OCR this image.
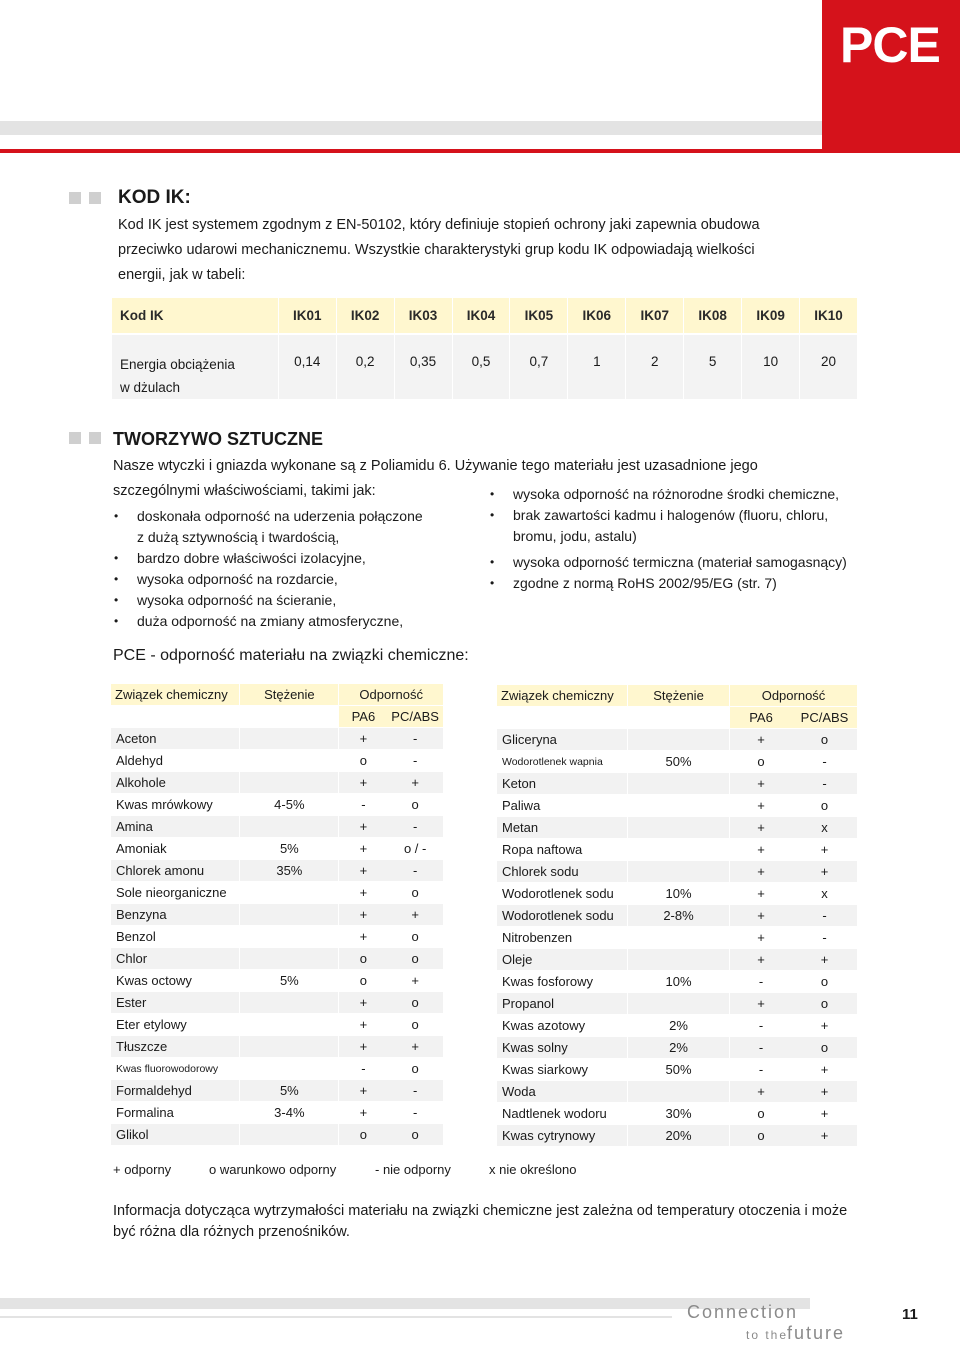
PCE
KOD IK:
Kod IK jest systemem zgodnym z EN-50102, który definiuje stopień ochrony jaki zapewnia obudowa
przeciwko udarowi mechanicznemu. Wszystkie charakterystyki grup kodu IK odpowiadają wielkości
energii, jak w tabeli:
Kod IK	IK01	IK02	IK03	IK04	IK05	IK06	IK07	IK08	IK09	IK10

Energia obciążenia
w dżulach	0,14	0,2	0,35	0,5	0,7	1	2	5	10	20
TWORZYWO SZTUCZNE
Nasze wtyczki i gniazda wykonane są z Poliamidu 6. Używanie tego materiału jest uzasadnione jego
szczególnymi właściwościami, takimi jak:
• doskonała odporność na uderzenia połączone
z dużą sztywnością i twardością,
• bardzo dobre właściwości izolacyjne,
• wysoka odporność na rozdarcie,
• wysoka odporność na ścieranie,
• duża odporność na zmiany atmosferyczne,
• wysoka odporność na różnorodne środki chemiczne,
• brak zawartości kadmu i halogenów (fluoru, chloru,
bromu, jodu, astalu)
• wysoka odporność termiczna (materiał samogasnący)
• zgodne z normą RoHS 2002/95/EG (str. 7)
PCE - odporność materiału na związki chemiczne:
Związek chemiczny	Stężenie	Odporność	
		PA6	PC/ABS
Aceton		+	-
Aldehyd		o	-
Alkohole		+	+
Kwas mrówkowy	4-5%	-	o
Amina		+	-
Amoniak	5%	+	o / -
Chlorek amonu	35%	+	-
Sole nieorganiczne		+	o
Benzyna		+	+
Benzol		+	o
Chlor		o	o
Kwas octowy	5%	o	+
Ester		+	o
Eter etylowy		+	o
Tłuszcze		+	+
Kwas fluorowodorowy		-	o
Formaldehyd	5%	+	-
Formalina	3-4%	+	-
Glikol		o	o
Związek chemiczny	Stężenie	Odporność	
		PA6	PC/ABS
Gliceryna		+	o
Wodorotlenek wapnia	50%	o	-
Keton		+	-
Paliwa		+	o
Metan		+	x
Ropa naftowa		+	+
Chlorek sodu		+	+
Wodorotlenek sodu	10%	+	x
Wodorotlenek sodu	2-8%	+	-
Nitrobenzen		+	-
Oleje		+	+
Kwas fosforowy	10%	-	o
Propanol		+	o
Kwas azotowy	2%	-	+
Kwas solny	2%	-	o
Kwas siarkowy	50%	-	+
Woda		+	+
Nadtlenek wodoru	30%	o	+
Kwas cytrynowy	20%	o	+
+ odporny	o warunkowo odporny	- nie odporny	x nie określono
Informacja dotycząca wytrzymałości materiału na związki chemiczne jest zależna od temperatury otoczenia i może
być różna dla różnych przenośników.
Connection
to the
future
11
